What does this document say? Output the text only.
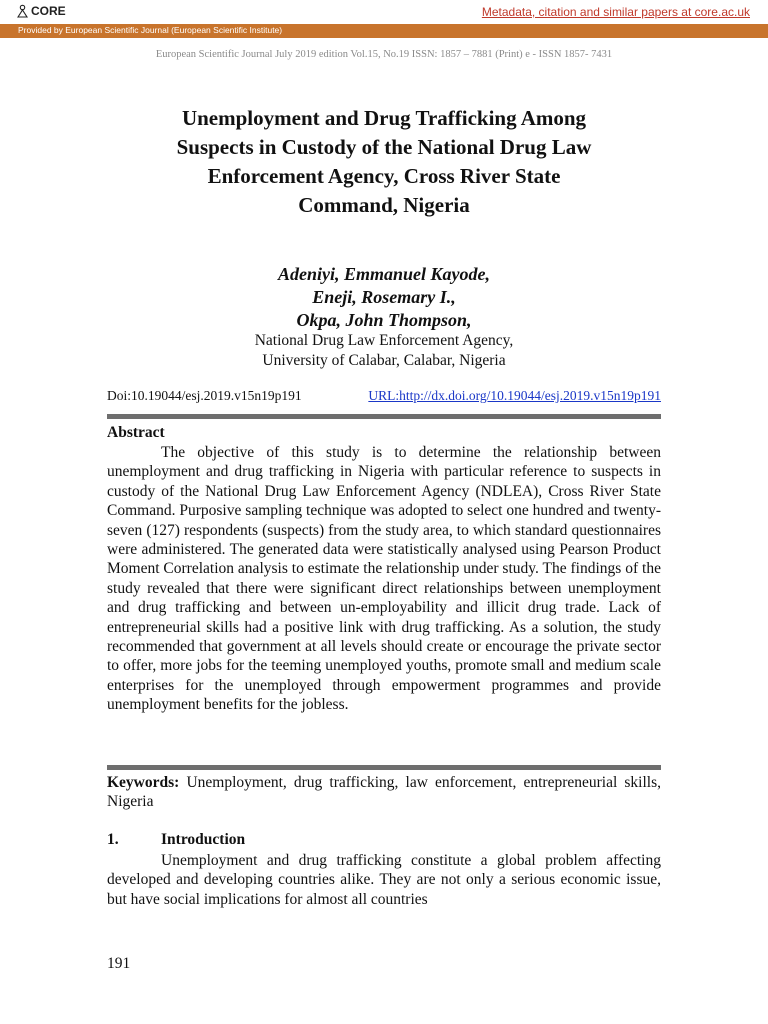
CORE	Metadata, citation and similar papers at core.ac.uk
Provided by European Scientific Journal (European Scientific Institute)
European Scientific Journal July 2019 edition Vol.15, No.19 ISSN: 1857 – 7881 (Print) e - ISSN 1857- 7431
Unemployment and Drug Trafficking Among
Suspects in Custody of the National Drug Law
Enforcement Agency, Cross River State
Command, Nigeria
Adeniyi, Emmanuel Kayode,
Eneji, Rosemary I.,
Okpa, John Thompson,
National Drug Law Enforcement Agency,
University of Calabar, Calabar, Nigeria
Doi:10.19044/esj.2019.v15n19p191	URL:http://dx.doi.org/10.19044/esj.2019.v15n19p191
Abstract

The objective of this study is to determine the relationship between unemployment and drug trafficking in Nigeria with particular reference to suspects in custody of the National Drug Law Enforcement Agency (NDLEA), Cross River State Command. Purposive sampling technique was adopted to select one hundred and twenty-seven (127) respondents (suspects) from the study area, to which standard questionnaires were administered. The generated data were statistically analysed using Pearson Product Moment Correlation analysis to estimate the relationship under study. The findings of the study revealed that there were significant direct relationships between unemployment and drug trafficking and between un-employability and illicit drug trade. Lack of entrepreneurial skills had a positive link with drug trafficking. As a solution, the study recommended that government at all levels should create or encourage the private sector to offer, more jobs for the teeming unemployed youths, promote small and medium scale enterprises for the unemployed through empowerment programmes and provide unemployment benefits for the jobless.

Keywords: Unemployment, drug trafficking, law enforcement, entrepreneurial skills, Nigeria

1.	Introduction

Unemployment and drug trafficking constitute a global problem affecting developed and developing countries alike. They are not only a serious economic issue, but have social implications for almost all countries

191
